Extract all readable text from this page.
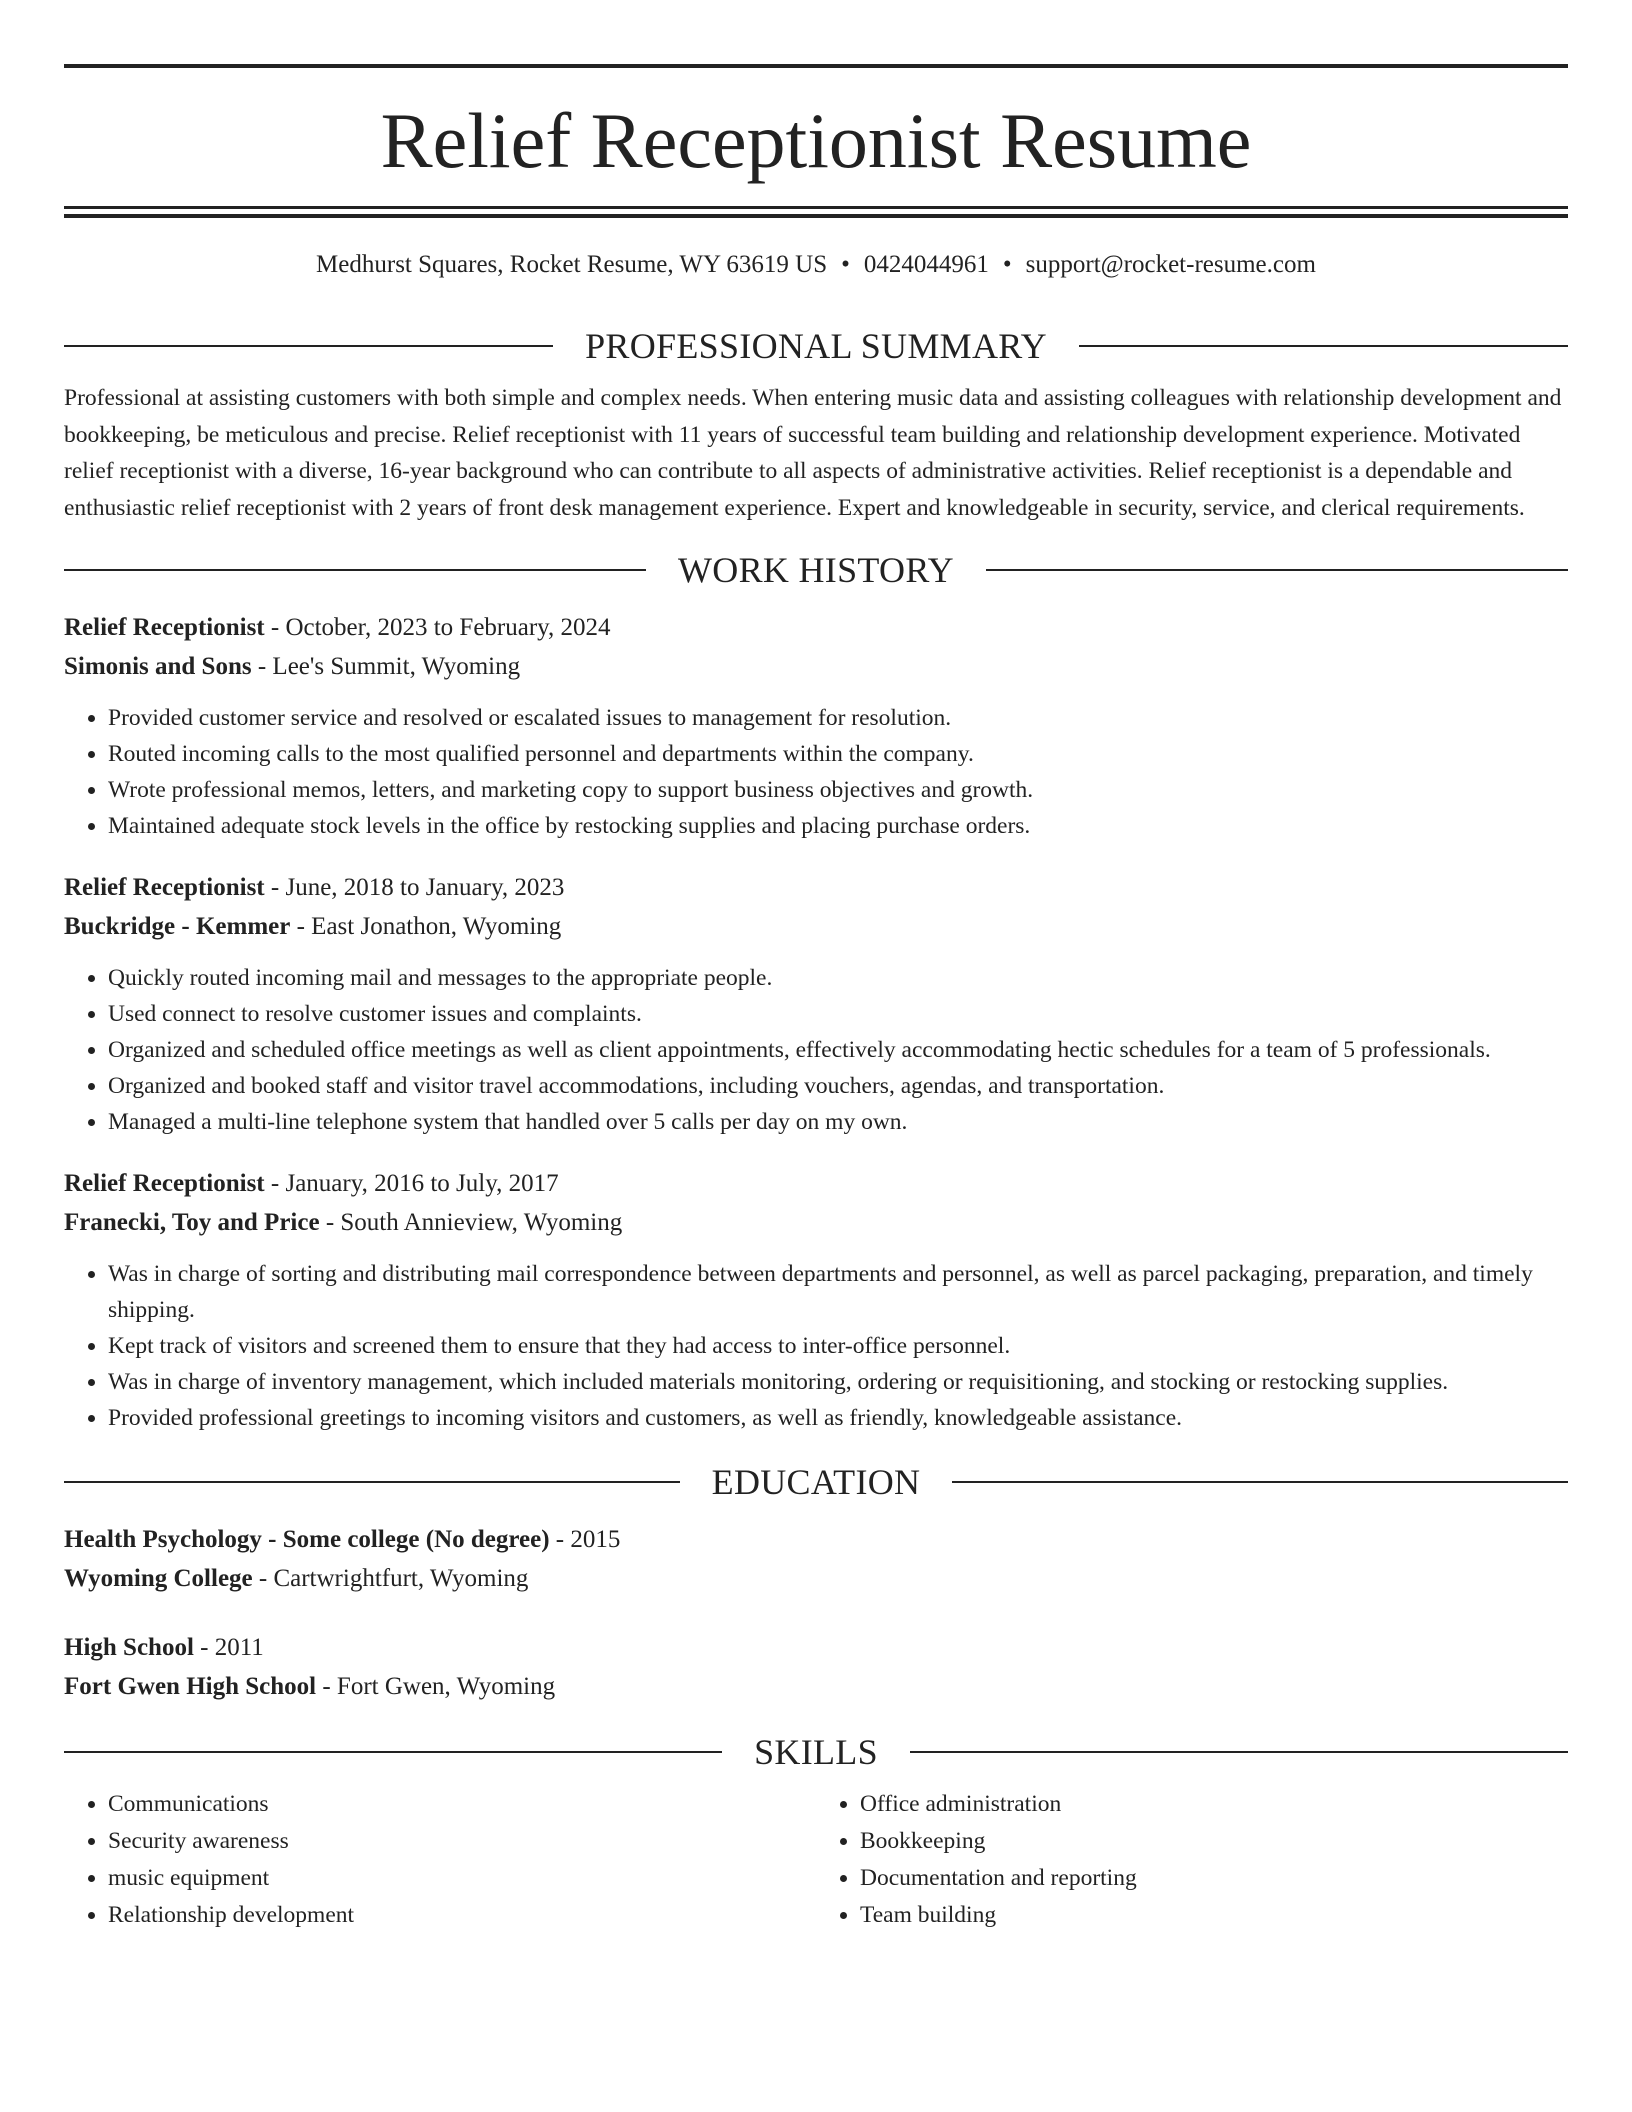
Relief Receptionist Resume
Medhurst Squares, Rocket Resume, WY 63619 US • 0424044961 • support@rocket-resume.com
PROFESSIONAL SUMMARY

Professional at assisting customers with both simple and complex needs. When entering music data and assisting colleagues with relationship development and bookkeeping, be meticulous and precise. Relief receptionist with 11 years of successful team building and relationship development experience. Motivated relief receptionist with a diverse, 16-year background who can contribute to all aspects of administrative activities. Relief receptionist is a dependable and enthusiastic relief receptionist with 2 years of front desk management experience. Expert and knowledgeable in security, service, and clerical requirements.

WORK HISTORY
Relief Receptionist - October, 2023 to February, 2024
Simonis and Sons - Lee's Summit, Wyoming
• Provided customer service and resolved or escalated issues to management for resolution.
• Routed incoming calls to the most qualified personnel and departments within the company.
• Wrote professional memos, letters, and marketing copy to support business objectives and growth.
• Maintained adequate stock levels in the office by restocking supplies and placing purchase orders.
Relief Receptionist - June, 2018 to January, 2023
Buckridge - Kemmer - East Jonathon, Wyoming
• Quickly routed incoming mail and messages to the appropriate people.
• Used connect to resolve customer issues and complaints.
• Organized and scheduled office meetings as well as client appointments, effectively accommodating hectic schedules for a team of 5 professionals.
• Organized and booked staff and visitor travel accommodations, including vouchers, agendas, and transportation.
• Managed a multi-line telephone system that handled over 5 calls per day on my own.
Relief Receptionist - January, 2016 to July, 2017
Franecki, Toy and Price - South Annieview, Wyoming
• Was in charge of sorting and distributing mail correspondence between departments and personnel, as well as parcel packaging, preparation, and timely shipping.
• Kept track of visitors and screened them to ensure that they had access to inter-office personnel.
• Was in charge of inventory management, which included materials monitoring, ordering or requisitioning, and stocking or restocking supplies.
• Provided professional greetings to incoming visitors and customers, as well as friendly, knowledgeable assistance.
EDUCATION
Health Psychology - Some college (No degree) - 2015
Wyoming College - Cartwrightfurt, Wyoming
High School - 2011
Fort Gwen High School - Fort Gwen, Wyoming
SKILLS
• Communications
• Security awareness
• music equipment
• Relationship development
• Office administration
• Bookkeeping
• Documentation and reporting
• Team building
